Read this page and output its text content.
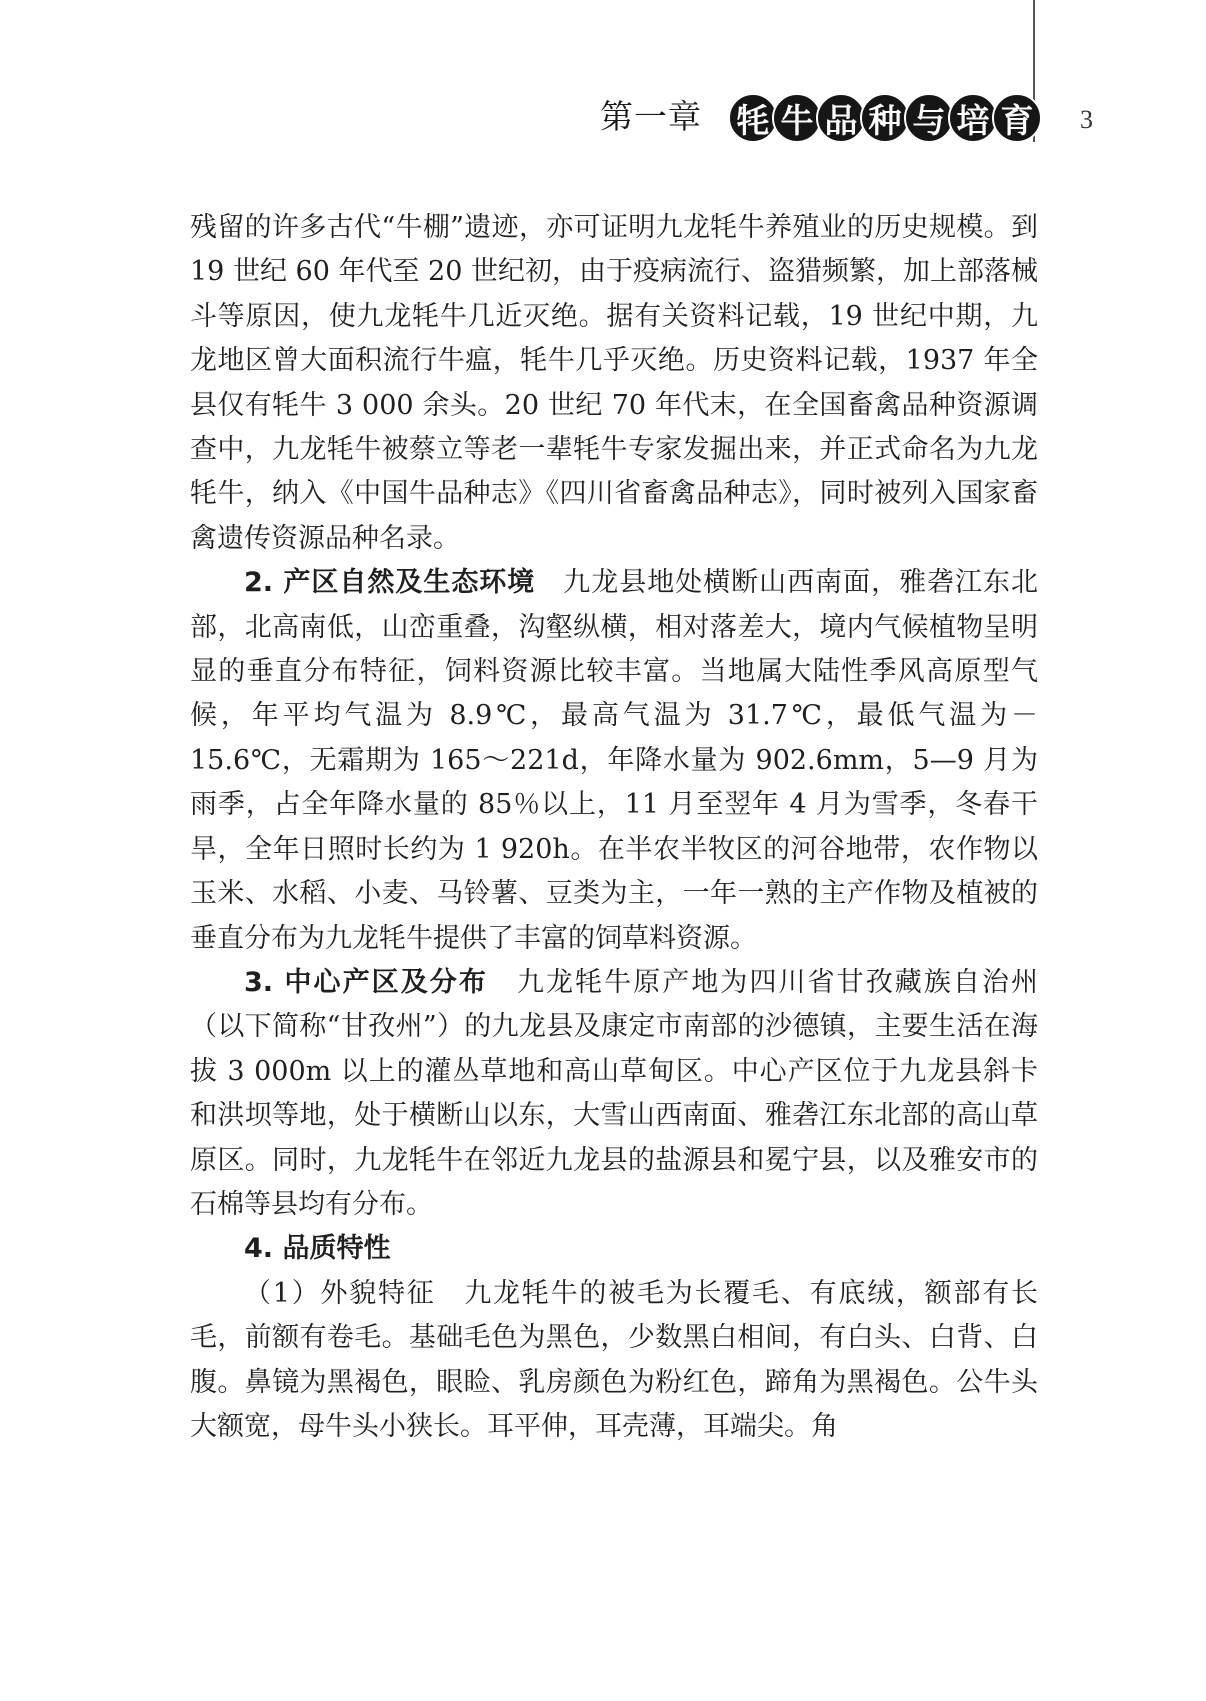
第一章 牦 牛 品 种 与 培 育	3

残留的许多古代“牛棚”遗迹，亦可证明九龙牦牛养殖业的历史规模。到 19 世纪 60 年代至 20 世纪初，由于疫病流行、盗猎频繁，加上部落械斗等原因，使九龙牦牛几近灭绝。据有关资料记载，19 世纪中期，九龙地区曾大面积流行牛瘟，牦牛几乎灭绝。历史资料记载，1937 年全县仅有牦牛 3 000 余头。20 世纪 70 年代末，在全国畜禽品种资源调查中，九龙牦牛被蔡立等老一辈牦牛专家发掘出来，并正式命名为九龙牦牛，纳入《中国牛品种志》《四川省畜禽品种志》，同时被列入国家畜禽遗传资源品种名录。

2. 产区自然及生态环境 九龙县地处横断山西南面，雅砻江东北部，北高南低，山峦重叠，沟壑纵横，相对落差大，境内气候植物呈明显的垂直分布特征，饲料资源比较丰富。当地属大陆性季风高原型气候，年平均气温为 8.9℃，最高气温为 31.7℃，最低气温为－15.6℃，无霜期为 165～221d，年降水量为 902.6mm，5—9 月为雨季，占全年降水量的 85％以上，11 月至翌年 4 月为雪季，冬春干旱，全年日照时长约为 1 920h。在半农半牧区的河谷地带，农作物以玉米、水稻、小麦、马铃薯、豆类为主，一年一熟的主产作物及植被的垂直分布为九龙牦牛提供了丰富的饲草料资源。

3. 中心产区及分布 九龙牦牛原产地为四川省甘孜藏族自治州（以下简称“甘孜州”）的九龙县及康定市南部的沙德镇，主要生活在海拔 3 000m 以上的灌丛草地和高山草甸区。中心产区位于九龙县斜卡和洪坝等地，处于横断山以东，大雪山西南面、雅砻江东北部的高山草原区。同时，九龙牦牛在邻近九龙县的盐源县和冕宁县，以及雅安市的石棉等县均有分布。

4. 品质特性

（1）外貌特征 九龙牦牛的被毛为长覆毛、有底绒，额部有长毛，前额有卷毛。基础毛色为黑色，少数黑白相间，有白头、白背、白腹。鼻镜为黑褐色，眼睑、乳房颜色为粉红色，蹄角为黑褐色。公牛头大额宽，母牛头小狭长。耳平伸，耳壳薄，耳端尖。角
